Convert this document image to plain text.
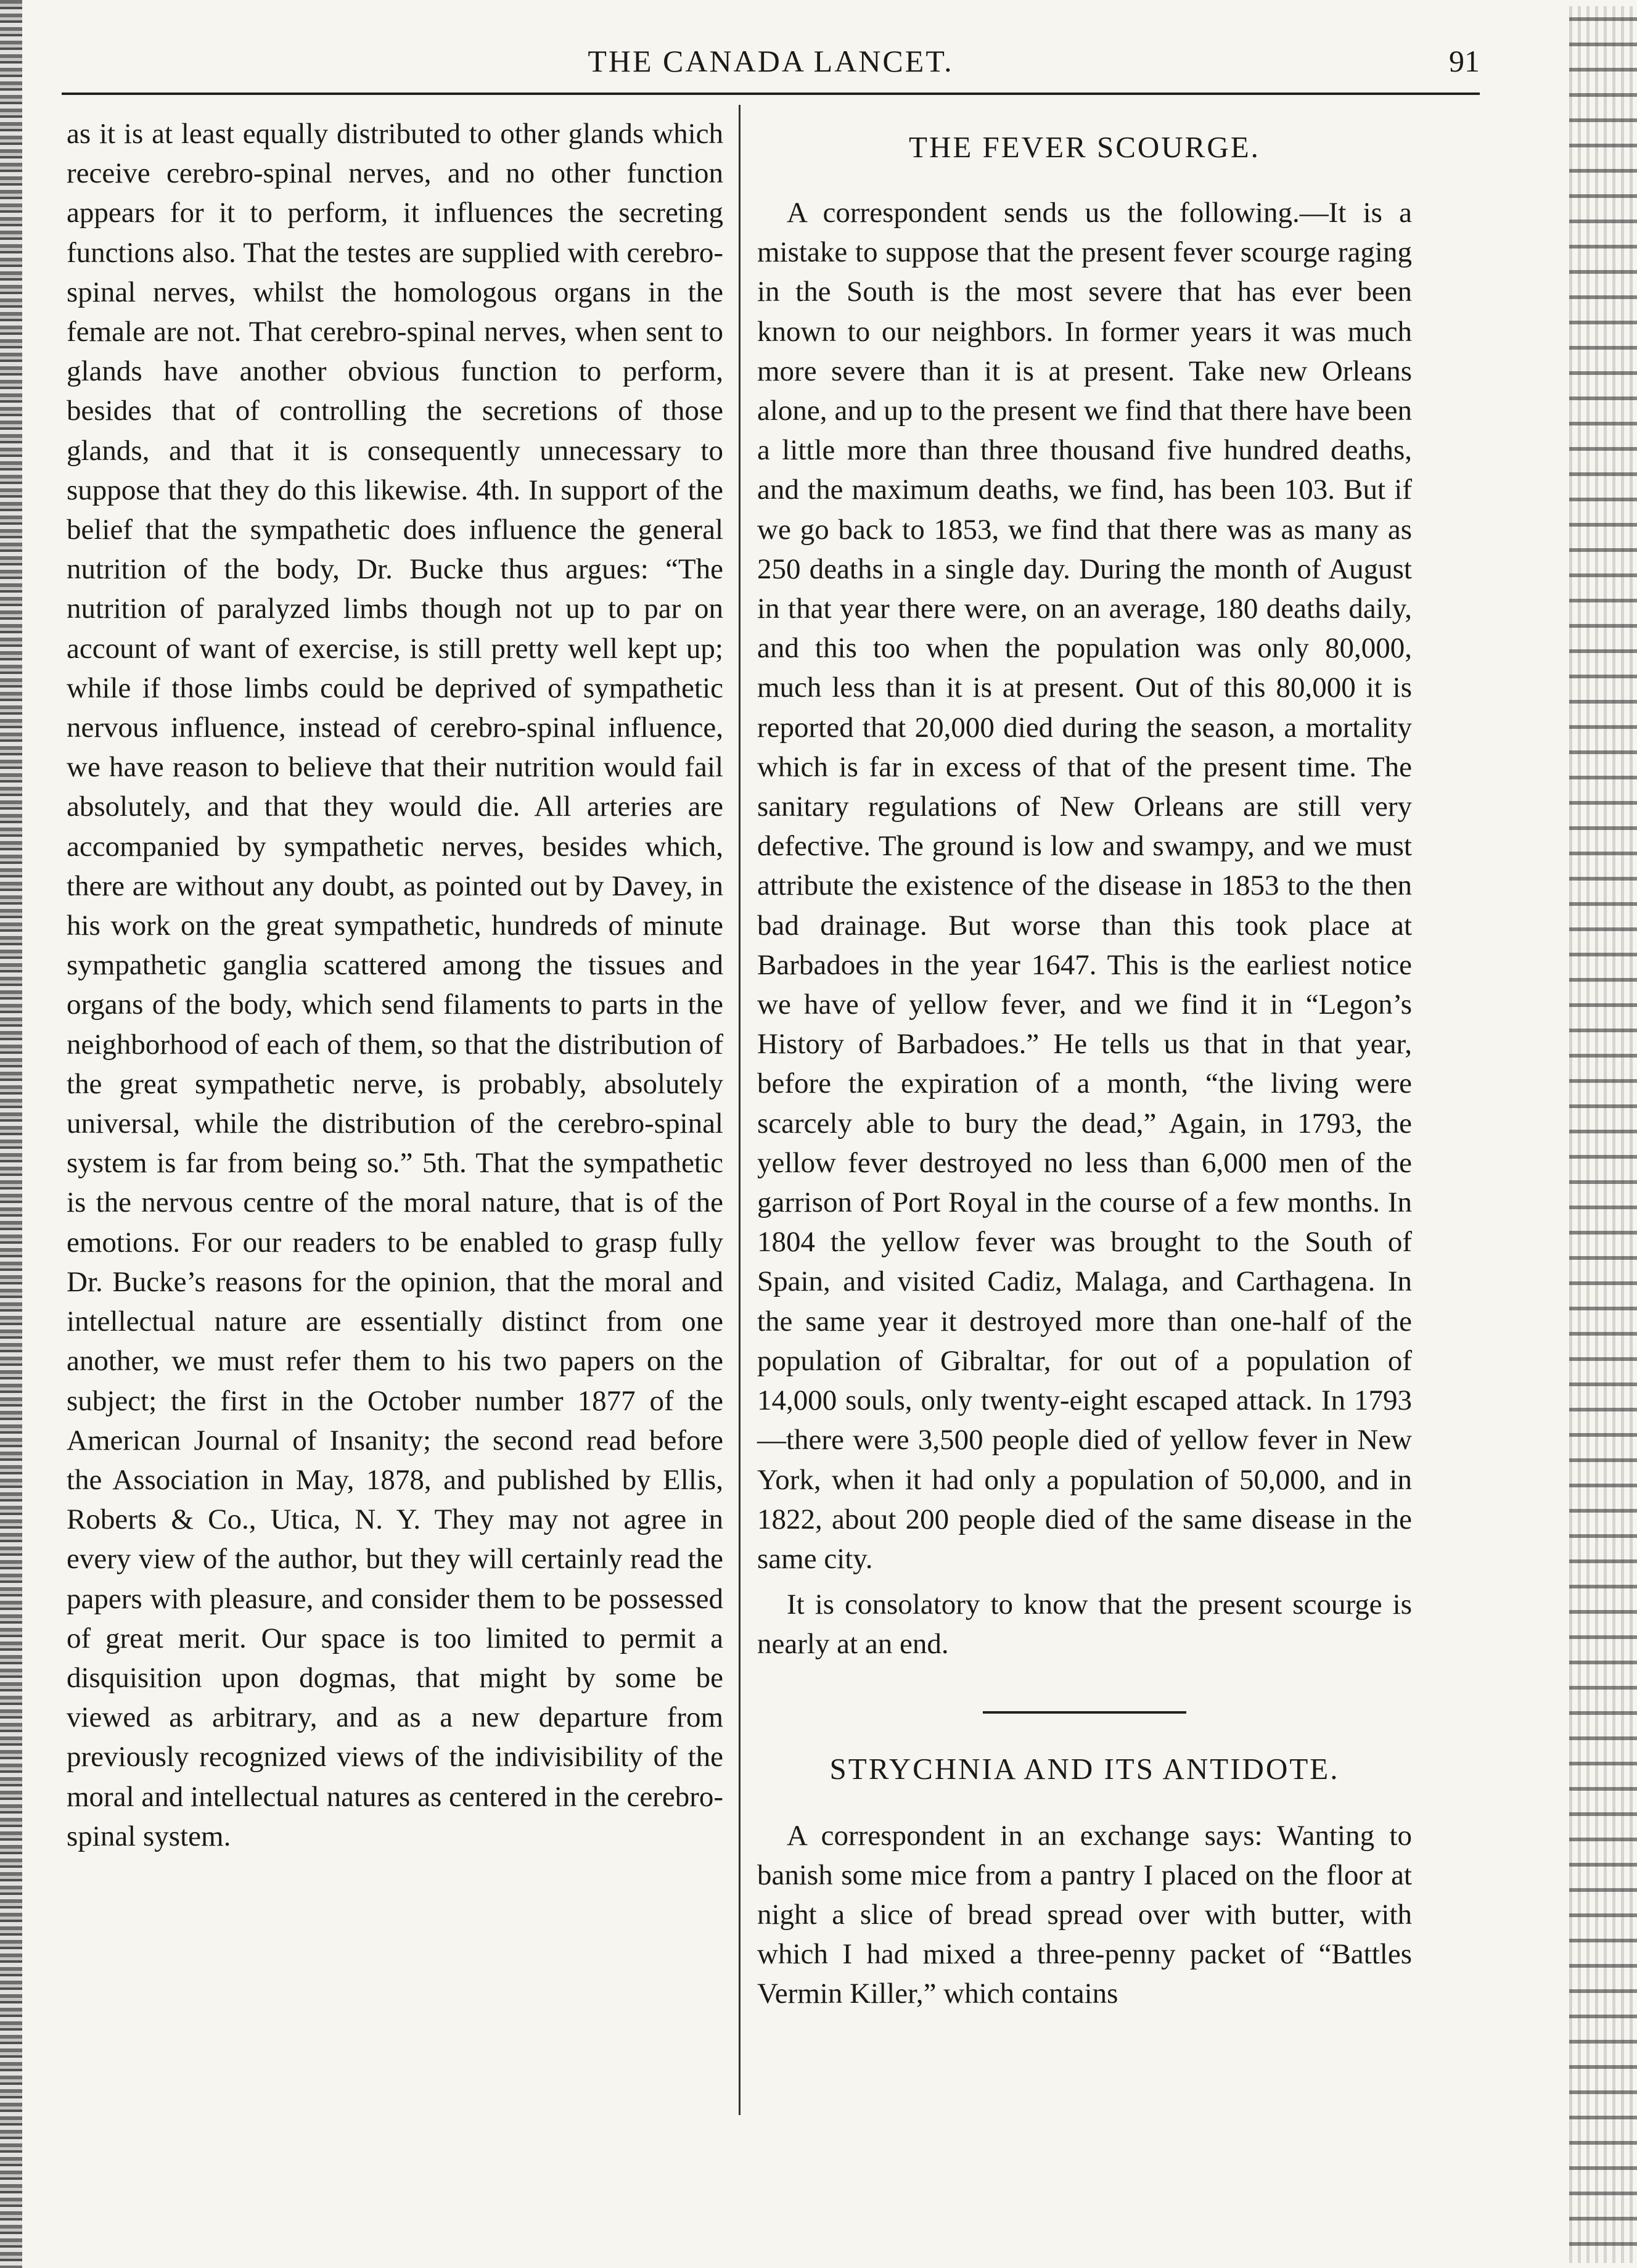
THE CANADA LANCET.	91

as it is at least equally distributed to other glands which receive cerebro-spinal nerves, and no other function appears for it to perform, it influences the secreting functions also. That the testes are supplied with cerebro-spinal nerves, whilst the homologous organs in the female are not. That cerebro-spinal nerves, when sent to glands have another obvious function to perform, besides that of controlling the secretions of those glands, and that it is consequently unnecessary to suppose that they do this likewise. 4th. In support of the belief that the sympathetic does influence the general nutrition of the body, Dr. Bucke thus argues: “The nutrition of paralyzed limbs though not up to par on account of want of exercise, is still pretty well kept up; while if those limbs could be deprived of sympathetic nervous influence, instead of cerebro-spinal influence, we have reason to believe that their nutrition would fail absolutely, and that they would die. All arteries are accompanied by sympathetic nerves, besides which, there are without any doubt, as pointed out by Davey, in his work on the great sympathetic, hundreds of minute sympathetic ganglia scattered among the tissues and organs of the body, which send filaments to parts in the neighborhood of each of them, so that the distribution of the great sympathetic nerve, is probably, absolutely universal, while the distribution of the cerebro-spinal system is far from being so.” 5th. That the sympathetic is the nervous centre of the moral nature, that is of the emotions. For our readers to be enabled to grasp fully Dr. Bucke’s reasons for the opinion, that the moral and intellectual nature are essentially distinct from one another, we must refer them to his two papers on the subject; the first in the October number 1877 of the American Journal of Insanity; the second read before the Association in May, 1878, and published by Ellis, Roberts & Co., Utica, N. Y. They may not agree in every view of the author, but they will certainly read the papers with pleasure, and consider them to be possessed of great merit. Our space is too limited to permit a disquisition upon dogmas, that might by some be viewed as arbitrary, and as a new departure from previously recognized views of the indivisibility of the moral and intellectual natures as centered in the cerebro-spinal system.

THE FEVER SCOURGE.

A correspondent sends us the following.—It is a mistake to suppose that the present fever scourge raging in the South is the most severe that has ever been known to our neighbors. In former years it was much more severe than it is at present. Take new Orleans alone, and up to the present we find that there have been a little more than three thousand five hundred deaths, and the maximum deaths, we find, has been 103. But if we go back to 1853, we find that there was as many as 250 deaths in a single day. During the month of August in that year there were, on an average, 180 deaths daily, and this too when the population was only 80,000, much less than it is at present. Out of this 80,000 it is reported that 20,000 died during the season, a mortality which is far in excess of that of the present time. The sanitary regulations of New Orleans are still very defective. The ground is low and swampy, and we must attribute the existence of the disease in 1853 to the then bad drainage. But worse than this took place at Barbadoes in the year 1647. This is the earliest notice we have of yellow fever, and we find it in “Legon’s History of Barbadoes.” He tells us that in that year, before the expiration of a month, “the living were scarcely able to bury the dead,” Again, in 1793, the yellow fever destroyed no less than 6,000 men of the garrison of Port Royal in the course of a few months. In 1804 the yellow fever was brought to the South of Spain, and visited Cadiz, Malaga, and Carthagena. In the same year it destroyed more than one-half of the population of Gibraltar, for out of a population of 14,000 souls, only twenty-eight escaped attack. In 1793—there were 3,500 people died of yellow fever in New York, when it had only a population of 50,000, and in 1822, about 200 people died of the same disease in the same city.

It is consolatory to know that the present scourge is nearly at an end.

STRYCHNIA AND ITS ANTIDOTE.

A correspondent in an exchange says: Wanting to banish some mice from a pantry I placed on the floor at night a slice of bread spread over with butter, with which I had mixed a three-penny packet of “Battles Vermin Killer,” which contains
